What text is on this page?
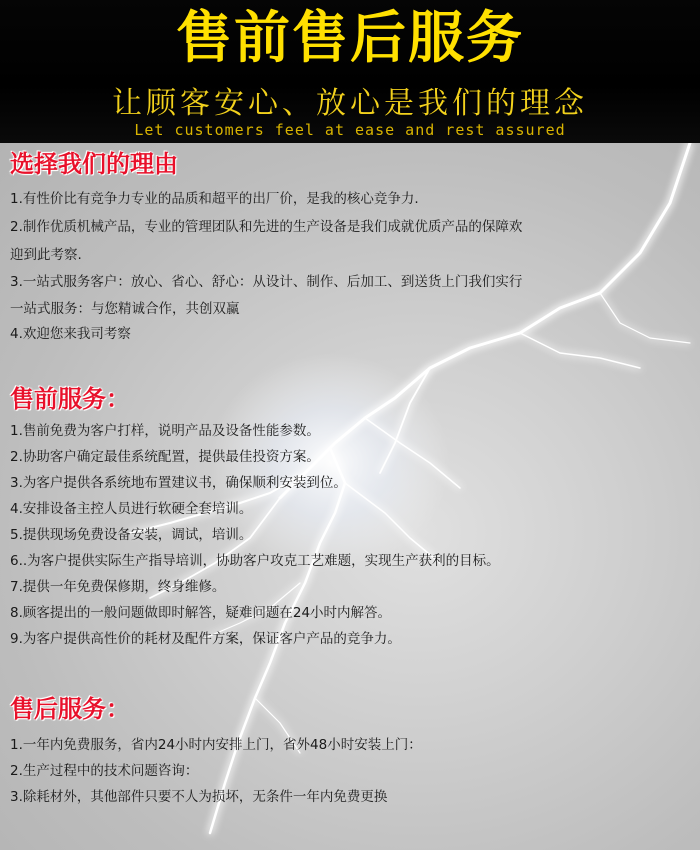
售前售后服务
让顾客安心、放心是我们的理念
Let customers feel at ease and rest assured
选择我们的理由
1.有性价比有竞争力专业的品质和超平的出厂价，是我的核心竞争力.
2.制作优质机械产品，专业的管理团队和先进的生产设备是我们成就优质产品的保障欢
迎到此考察.
3.一站式服务客户：放心、省心、舒心：从设计、制作、后加工、到送货上门我们实行
一站式服务：与您精诚合作，共创双赢
4.欢迎您来我司考察
售前服务：
1.售前免费为客户打样，说明产品及设备性能参数。
2.协助客户确定最佳系统配置，提供最佳投资方案。
3.为客户提供各系统地布置建议书，确保顺利安装到位。
4.安排设备主控人员进行软硬全套培训。
5.提供现场免费设备安装，调试，培训。
6..为客户提供实际生产指导培训，协助客户攻克工艺难题，实现生产获利的目标。
7.提供一年免费保修期，终身维修。
8.顾客提出的一般问题做即时解答，疑难问题在24小时内解答。
9.为客户提供高性价的耗材及配件方案，保证客户产品的竞争力。
售后服务：
1.一年内免费服务，省内24小时内安排上门，省外48小时安装上门：
2.生产过程中的技术问题咨询：
3.除耗材外，其他部件只要不人为损坏，无条件一年内免费更换
